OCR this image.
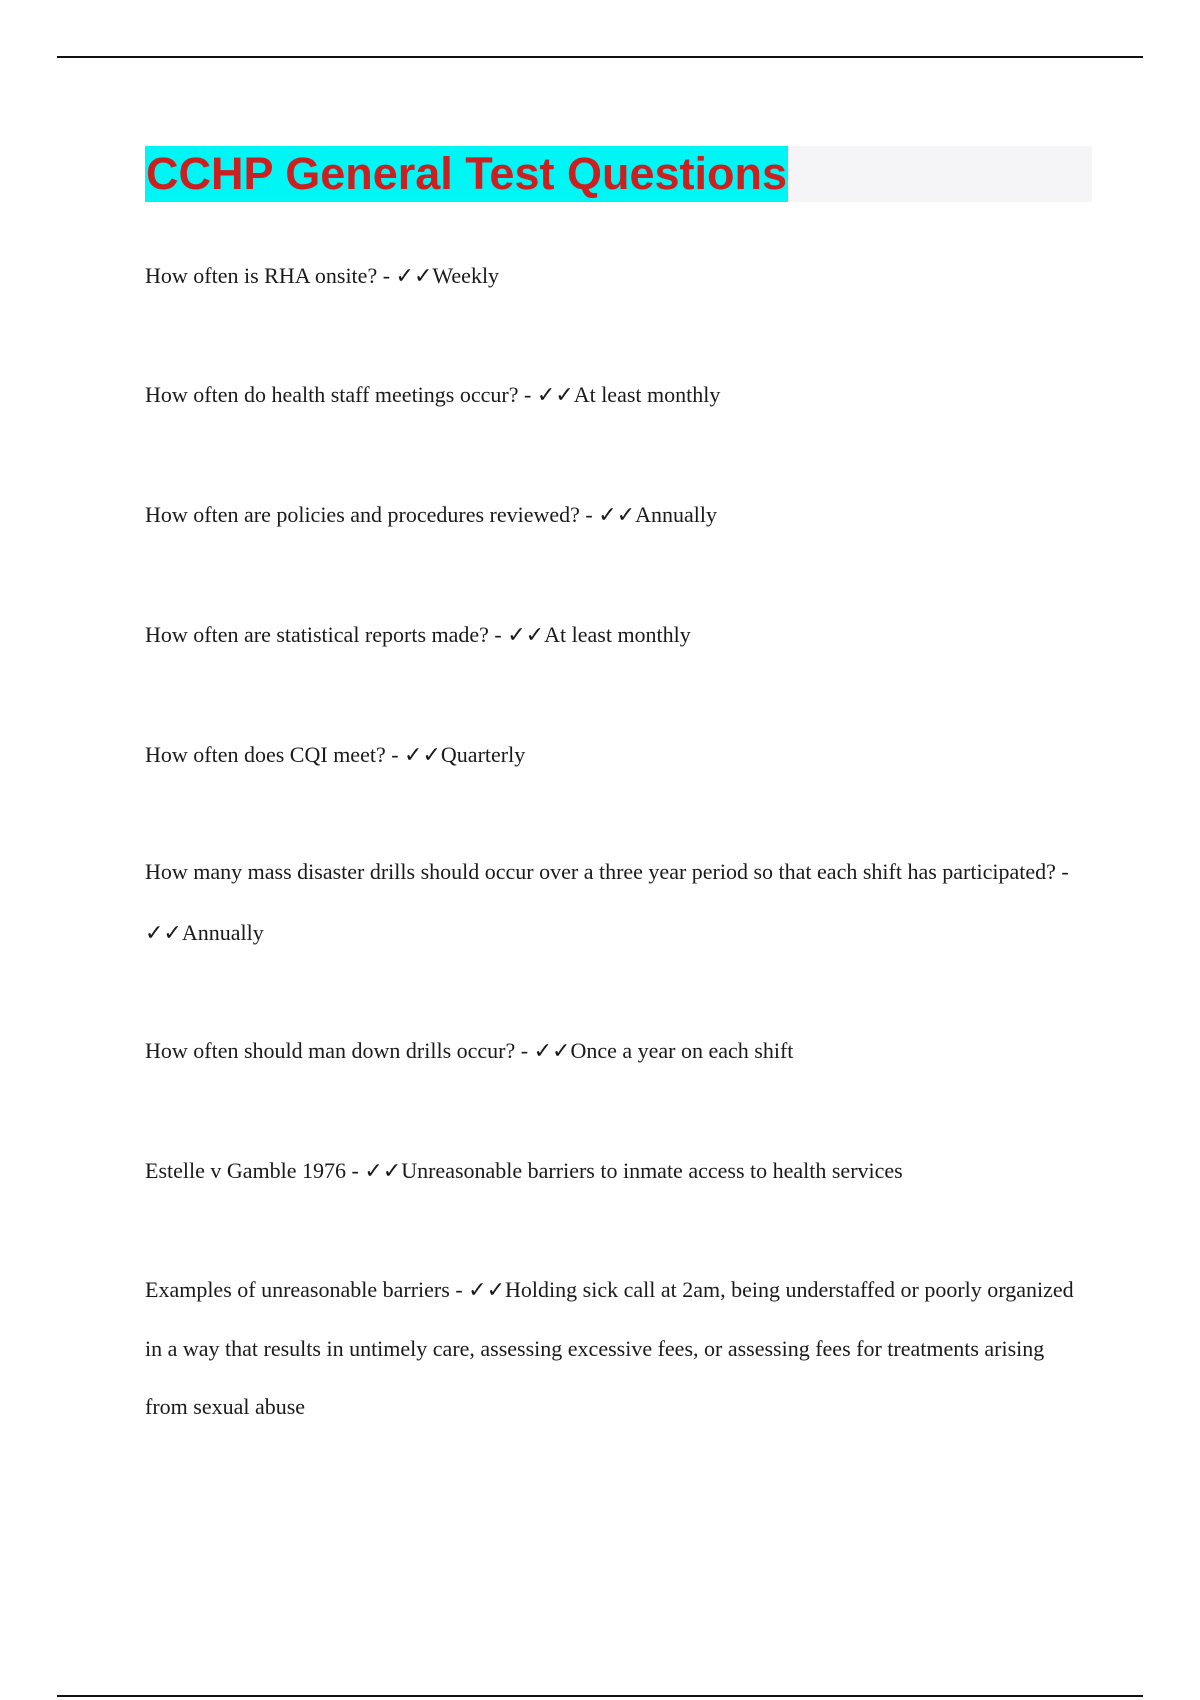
CCHP General Test Questions

How often is RHA onsite? - ✓✓Weekly

How often do health staff meetings occur? - ✓✓At least monthly

How often are policies and procedures reviewed? - ✓✓Annually

How often are statistical reports made? - ✓✓At least monthly

How often does CQI meet? - ✓✓Quarterly

How many mass disaster drills should occur over a three year period so that each shift has participated? - ✓✓Annually

How often should man down drills occur? - ✓✓Once a year on each shift

Estelle v Gamble 1976 - ✓✓Unreasonable barriers to inmate access to health services

Examples of unreasonable barriers - ✓✓Holding sick call at 2am, being understaffed or poorly organized in a way that results in untimely care, assessing excessive fees, or assessing fees for treatments arising from sexual abuse
